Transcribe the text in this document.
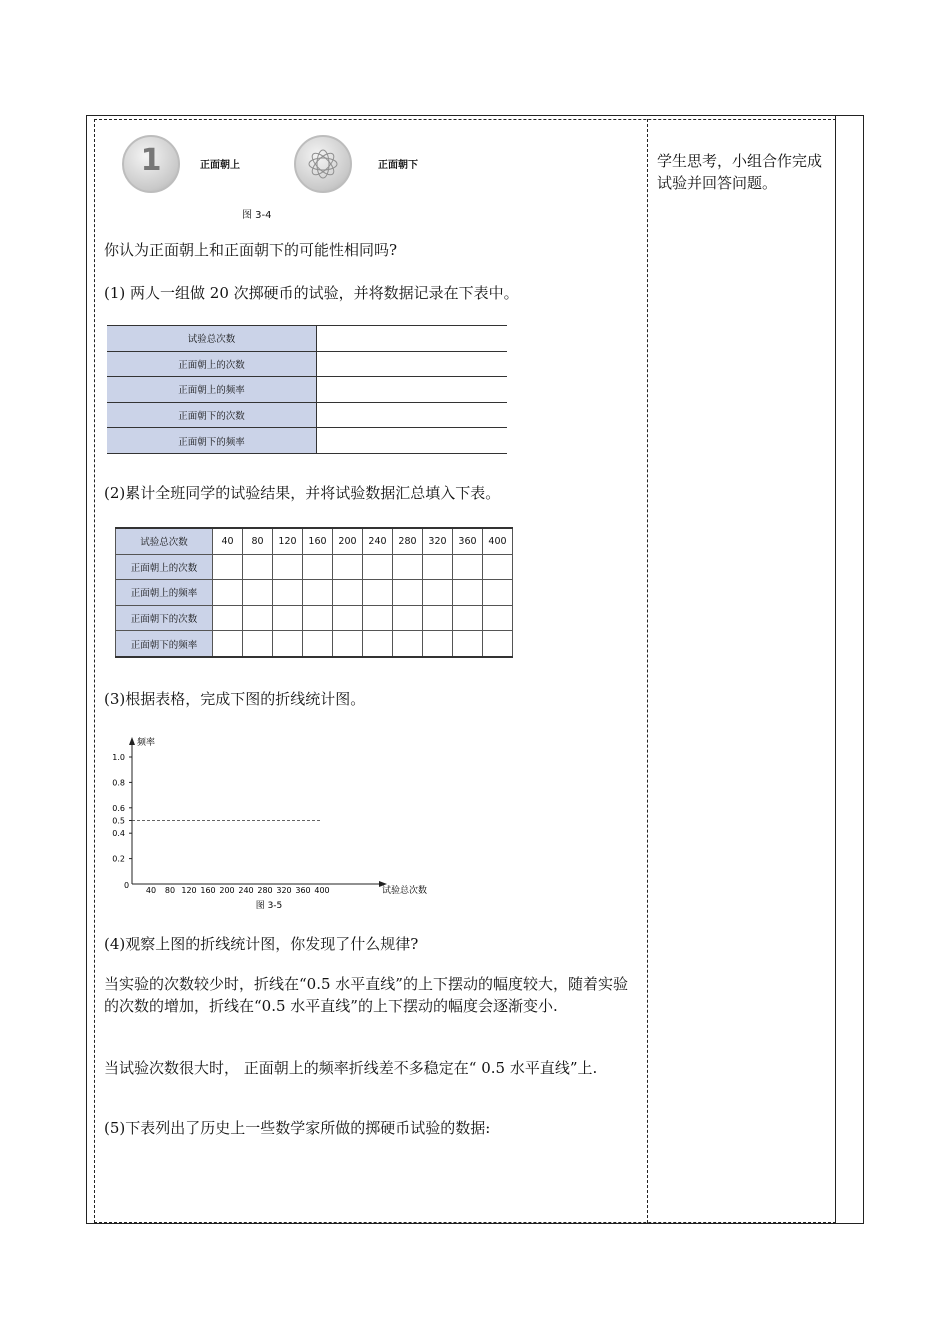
学生思考，小组合作完成试验并回答问题。
1	正面朝上	正面朝下
图 3-4
你认为正面朝上和正面朝下的可能性相同吗?
(1) 两人一组做 20 次掷硬币的试验，并将数据记录在下表中。
试验总次数	
正面朝上的次数	
正面朝上的频率	
正面朝下的次数	
正面朝下的频率	
(2)累计全班同学的试验结果，并将试验数据汇总填入下表。
试验总次数	40	80	120	160	200	240	280	320	360	400
正面朝上的次数										
正面朝上的频率										
正面朝下的次数										
正面朝下的频率										
(3)根据表格，完成下图的折线统计图。
频率
试验总次数
0
40 80 120 160 200 240 280 320 360 400
1.0
0.8
0.6
0.5
0.4
0.2
图 3-5
(4)观察上图的折线统计图，你发现了什么规律?
当实验的次数较少时，折线在“0.5 水平直线”的上下摆动的幅度较大，随着实验的次数的增加，折线在“0.5 水平直线”的上下摆动的幅度会逐渐变小.
当试验次数很大时， 正面朝上的频率折线差不多稳定在“ 0.5 水平直线”上.
(5)下表列出了历史上一些数学家所做的掷硬币试验的数据:
